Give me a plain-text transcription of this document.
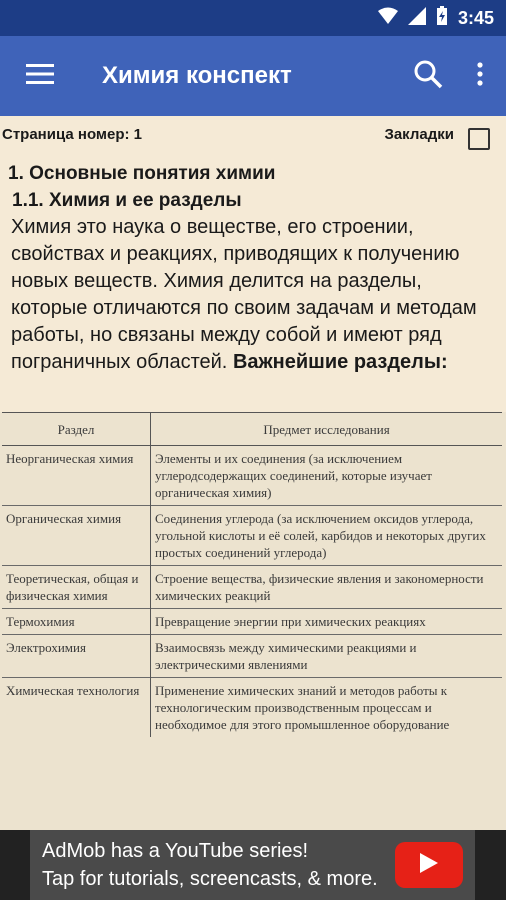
3:45
Химия конспект
Страница номер: 1	Закладки
1. Основные понятия химии
1.1. Химия и ее разделы
Химия это наука о веществе, его строении, свойствах и реакциях, приводящих к получению новых веществ. Химия делится на разделы, которые отличаются по своим задачам и методам работы, но связаны между собой и имеют ряд пограничных областей. Важнейшие разделы:
Раздел	Предмет исследования
Неорганическая химия	Элементы и их соединения (за исключением углеродсодержащих соединений, которые изучает органическая химия)
Органическая химия	Соединения углерода (за исключением оксидов углерода, угольной кислоты и её солей, карбидов и некоторых других простых соединений углерода)
Теоретическая, общая и физическая химия	Строение вещества, физические явления и закономерности химических реакций
Термохимия	Превращение энергии при химических реакциях
Электрохимия	Взаимосвязь между химическими реакциями и электрическими явлениями
Химическая технология	Применение химических знаний и методов работы к технологическим производственным процессам и необходимое для этого промышленное оборудование
AdMob has a YouTube series!
Tap for tutorials, screencasts, & more.
